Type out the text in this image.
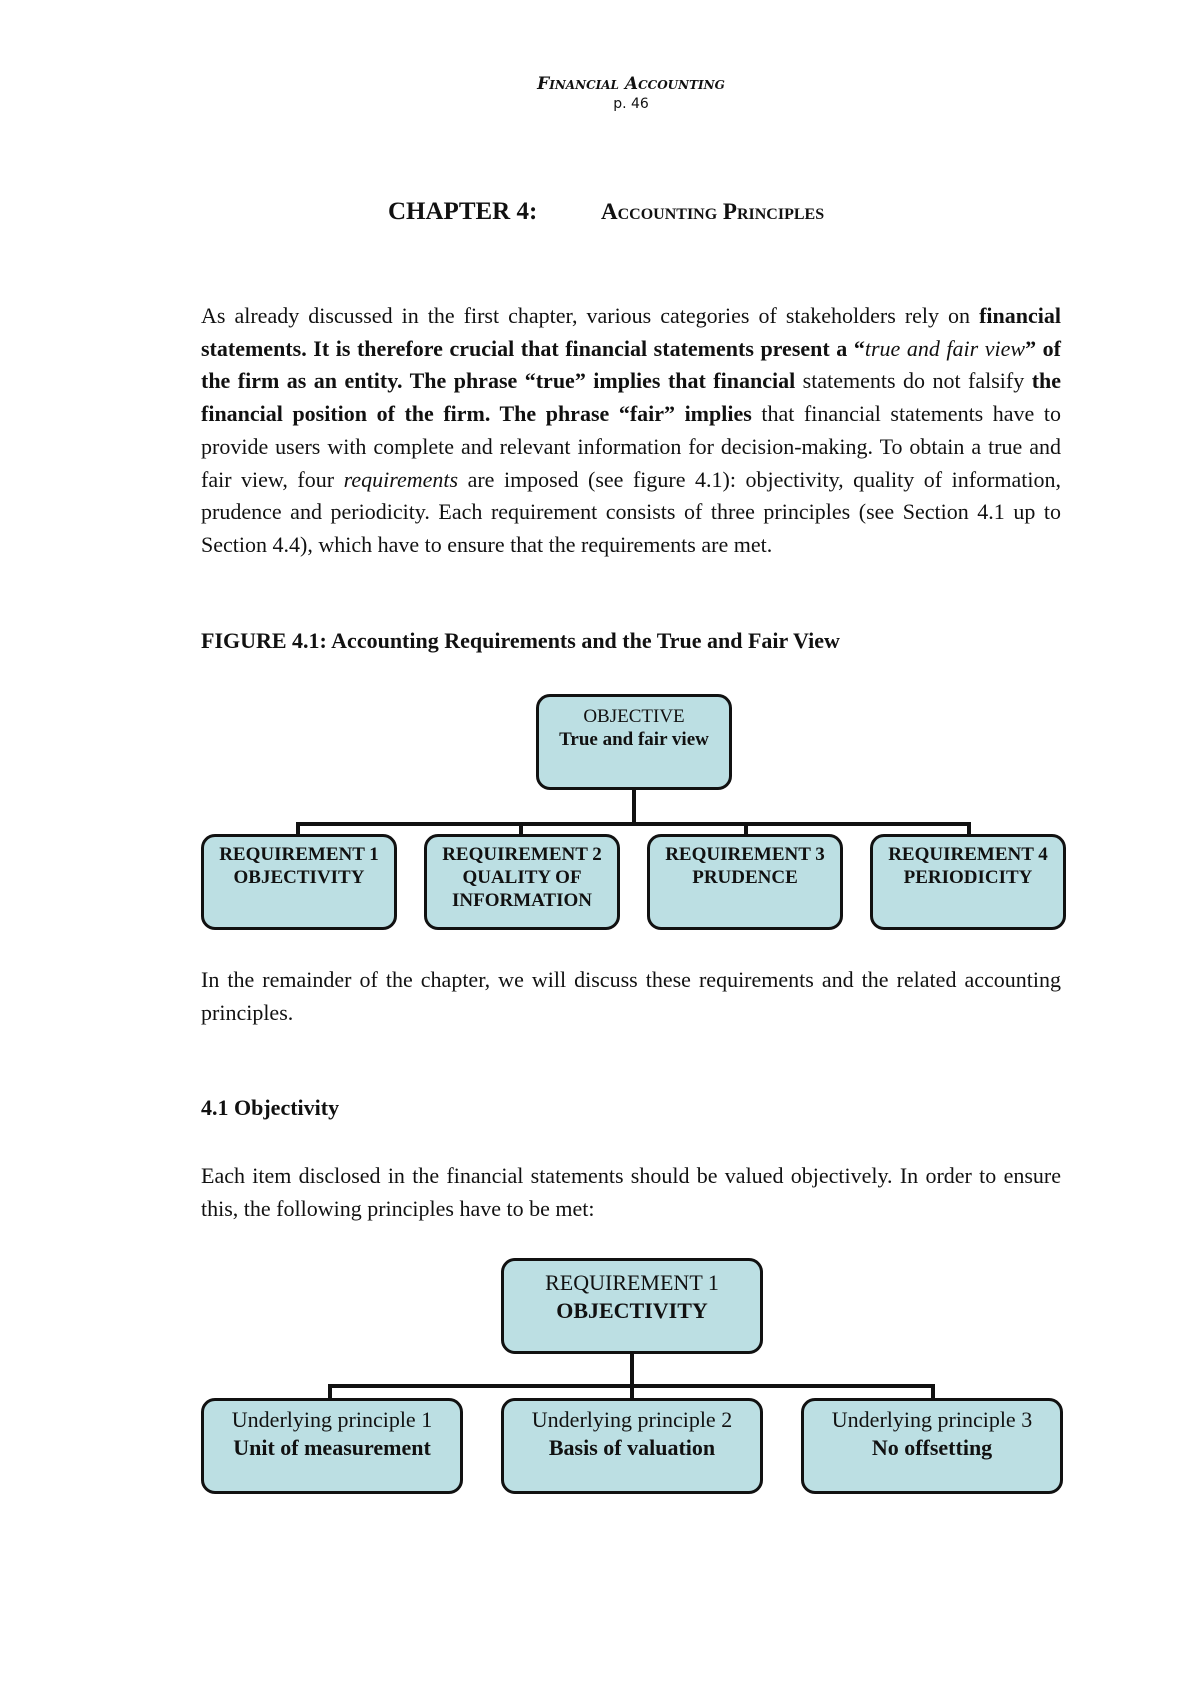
Financial Accounting
p. 46
CHAPTER 4:	Accounting Principles
As already discussed in the first chapter, various categories of stakeholders rely on financial statements. It is therefore crucial that financial statements present a “true and fair view” of the firm as an entity. The phrase “true” implies that financial statements do not falsify the financial position of the firm. The phrase “fair” implies that financial statements have to provide users with complete and relevant information for decision-making. To obtain a true and fair view, four requirements are imposed (see figure 4.1): objectivity, quality of information, prudence and periodicity. Each requirement consists of three principles (see Section 4.1 up to Section 4.4), which have to ensure that the requirements are met.
FIGURE 4.1: Accounting Requirements and the True and Fair View
OBJECTIVE
True and fair view
REQUIREMENT 1
OBJECTIVITY
REQUIREMENT 2
QUALITY OF
INFORMATION
REQUIREMENT 3
PRUDENCE
REQUIREMENT 4
PERIODICITY
In the remainder of the chapter, we will discuss these requirements and the related accounting principles.
4.1 Objectivity
Each item disclosed in the financial statements should be valued objectively. In order to ensure this, the following principles have to be met:
REQUIREMENT 1
OBJECTIVITY
Underlying principle 1
Unit of measurement
Underlying principle 2
Basis of valuation
Underlying principle 3
No offsetting
